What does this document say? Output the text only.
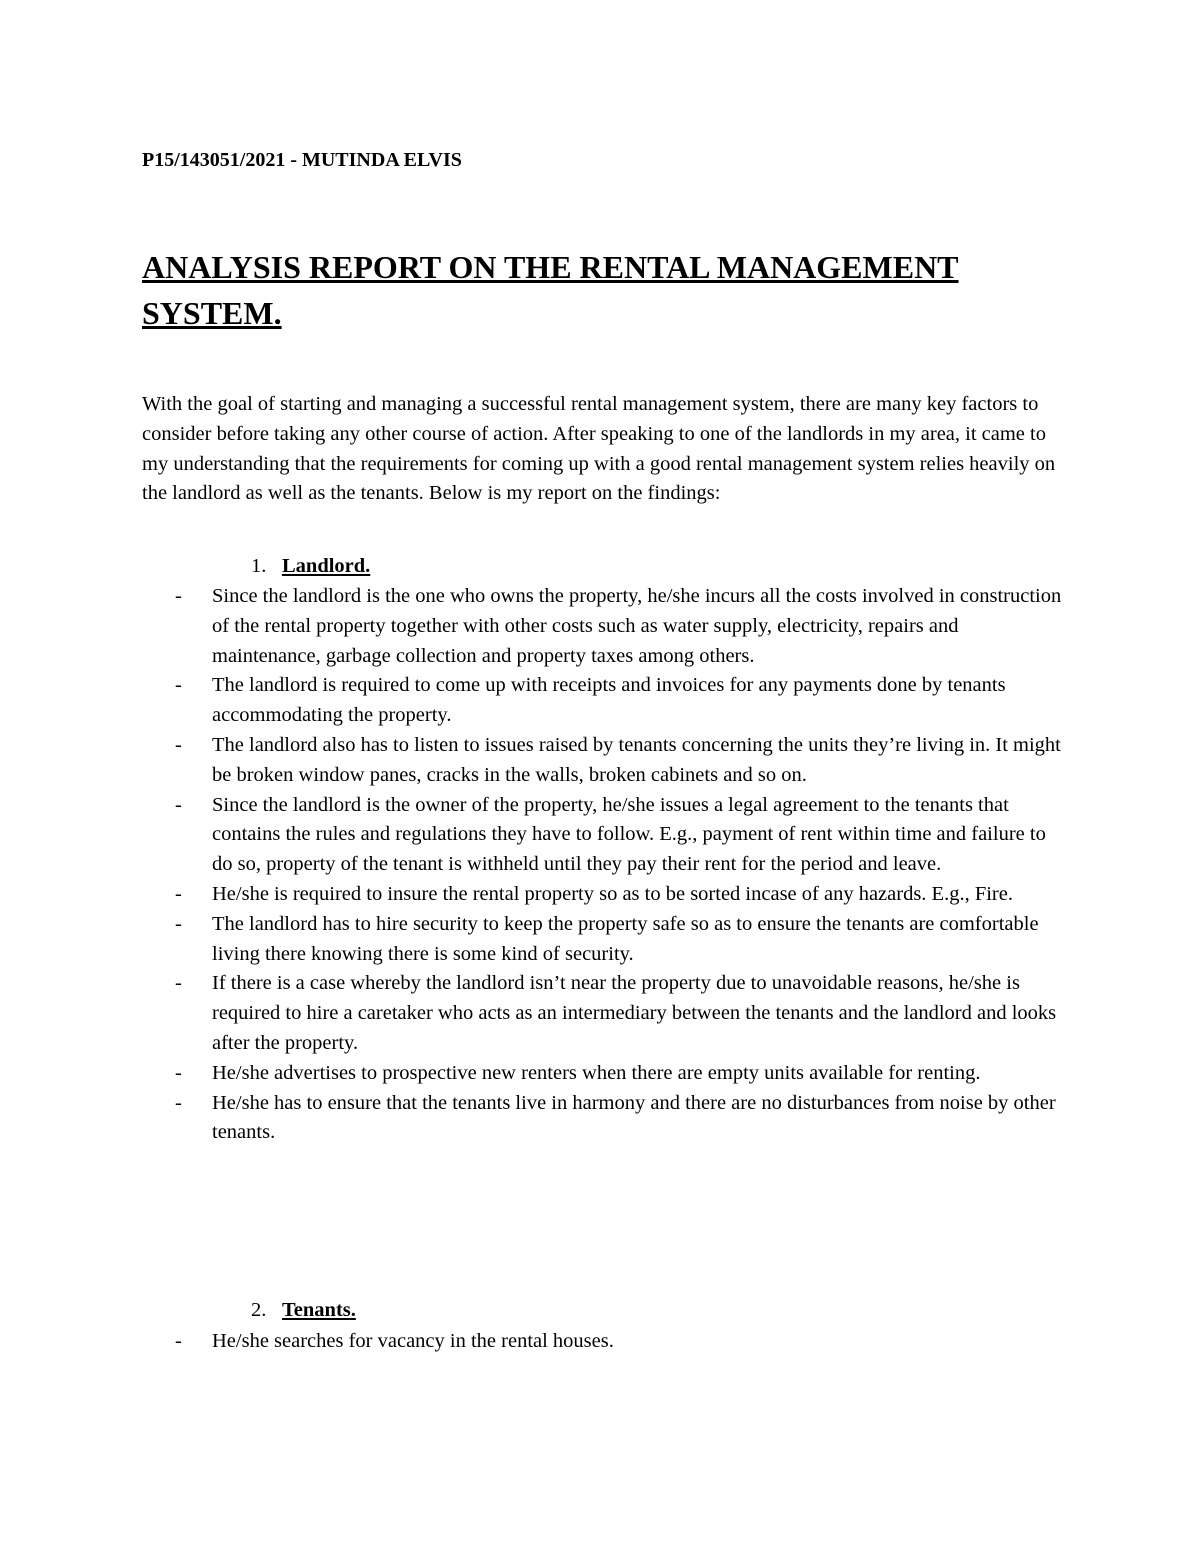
P15/143051/2021 - MUTINDA ELVIS
ANALYSIS REPORT ON THE RENTAL MANAGEMENT SYSTEM.
With the goal of starting and managing a successful rental management system, there are many key factors to consider before taking any other course of action. After speaking to one of the landlords in my area, it came to my understanding that the requirements for coming up with a good rental management system relies heavily on the landlord as well as the tenants. Below is my report on the findings:
1. Landlord.
- Since the landlord is the one who owns the property, he/she incurs all the costs involved in construction of the rental property together with other costs such as water supply, electricity, repairs and maintenance, garbage collection and property taxes among others.
- The landlord is required to come up with receipts and invoices for any payments done by tenants accommodating the property.
- The landlord also has to listen to issues raised by tenants concerning the units they’re living in. It might be broken window panes, cracks in the walls, broken cabinets and so on.
- Since the landlord is the owner of the property, he/she issues a legal agreement to the tenants that contains the rules and regulations they have to follow. E.g., payment of rent within time and failure to do so, property of the tenant is withheld until they pay their rent for the period and leave.
- He/she is required to insure the rental property so as to be sorted incase of any hazards. E.g., Fire.
- The landlord has to hire security to keep the property safe so as to ensure the tenants are comfortable living there knowing there is some kind of security.
- If there is a case whereby the landlord isn’t near the property due to unavoidable reasons, he/she is required to hire a caretaker who acts as an intermediary between the tenants and the landlord and looks after the property.
- He/she advertises to prospective new renters when there are empty units available for renting.
- He/she has to ensure that the tenants live in harmony and there are no disturbances from noise by other tenants.
2. Tenants.
- He/she searches for vacancy in the rental houses.
